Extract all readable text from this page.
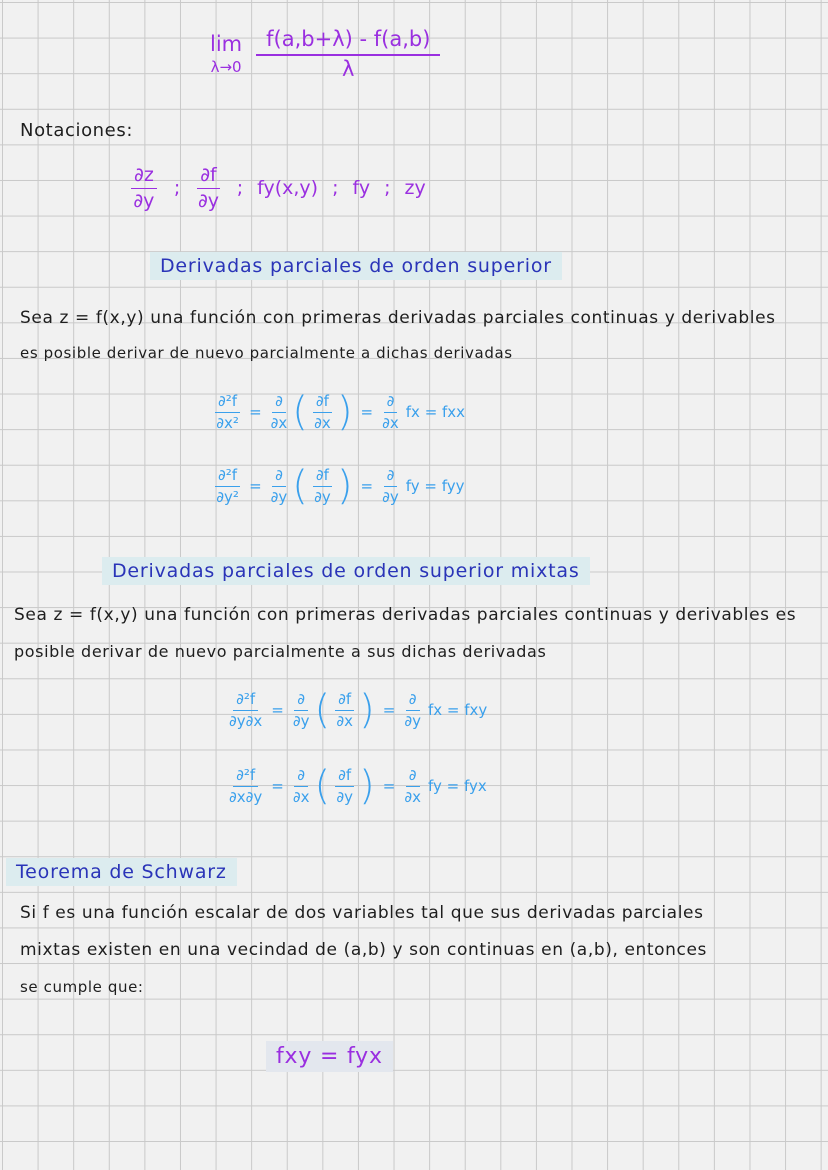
lim
$\lambda\to 0 \frac{f(a,b+\lambda) - f(a,b)}{\lambda}$
Notaciones:
$\frac{\partial z}{\partial y}$ ; $\frac{\partial f}{\partial y}$ ; fy(x,y) ; fy ; zy
Derivadas parciales de orden superior
Sea z = f(x,y) una función con primeras derivadas parciales continuas y derivables
es posible derivar de nuevo parcialmente a dichas derivadas
$\frac{\text{∂²f}}{\text{∂x²}} = \frac{\partial}{\partial x}$ ( $\frac{\partial f}{\partial x}$ ) = $\frac{\partial}{\partial x}$ fx = fxx
$\frac{\text{∂²f}}{\text{∂y²}} = \frac{\partial}{\partial y}$ ( $\frac{\partial f}{\partial y}$ ) = $\frac{\partial}{\partial y}$ fy = fyy
Derivadas parciales de orden superior mixtas
Sea z = f(x,y) una función con primeras derivadas parciales continuas y derivables es
posible derivar de nuevo parcialmente a sus dichas derivadas
$\frac{\text{∂²f}}{\partial y\partial x} = \frac{\partial}{\partial y}$ ( $\frac{\partial f}{\partial x}$ ) = $\frac{\partial}{\partial y}$ fx = fxy
$\frac{\text{∂²f}}{\partial x\partial y} = \frac{\partial}{\partial x}$ ( $\frac{\partial f}{\partial y}$ ) = $\frac{\partial}{\partial x}$ fy = fyx
Teorema de Schwarz
Si f es una función escalar de dos variables tal que sus derivadas parciales
mixtas existen en una vecindad de (a,b) y son continuas en (a,b), entonces
se cumple que:
fxy = fyx
